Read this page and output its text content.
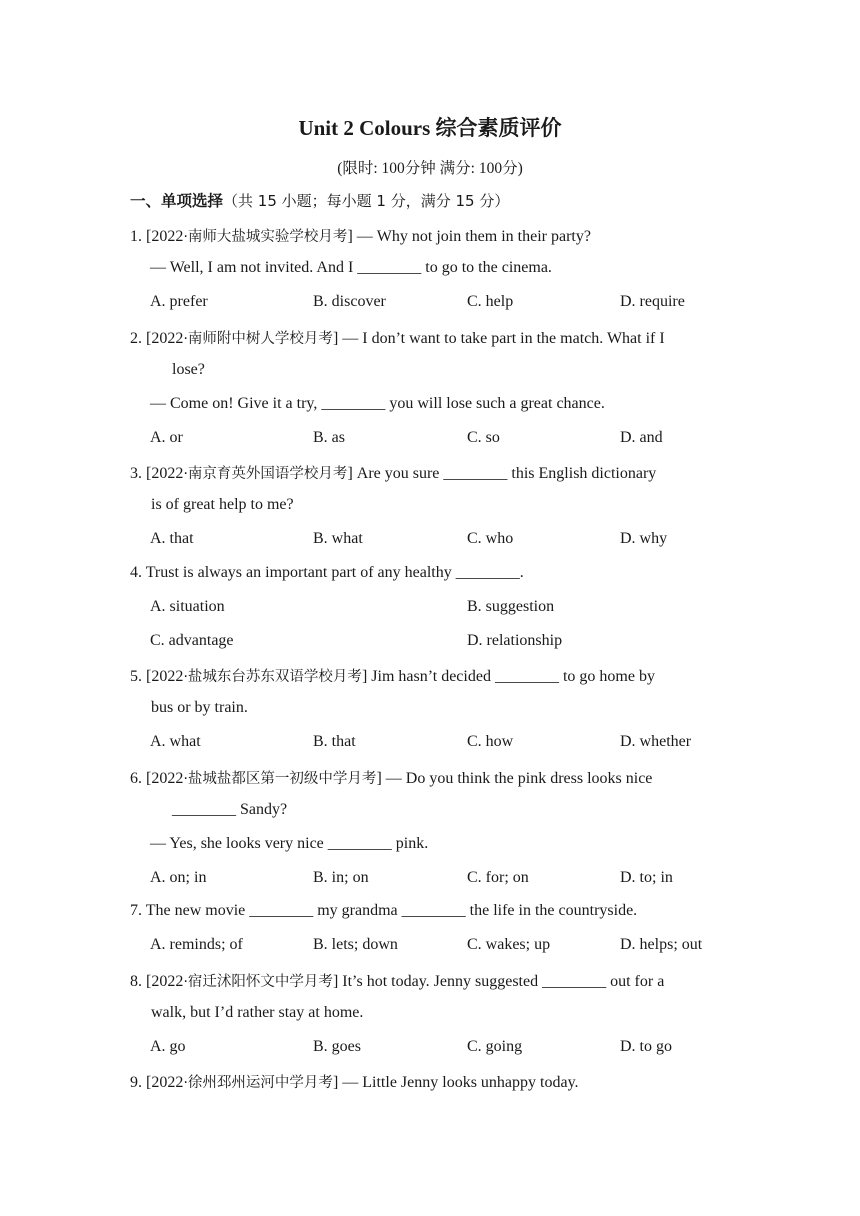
Unit 2 Colours 综合素质评价
(限时: 100分钟 满分: 100分)
一、单项选择（共 15 小题；每小题 1 分，满分 15 分）
1. [2022·南师大盐城实验学校月考] — Why not join them in their party?
— Well, I am not invited. And I ________ to go to the cinema.
A. prefer	B. discover	C. help	D. require
2. [2022·南师附中树人学校月考] — I don’t want to take part in the match. What if I
lose?
— Come on! Give it a try, ________ you will lose such a great chance.
A. or	B. as	C. so	D. and
3. [2022·南京育英外国语学校月考] Are you sure ________ this English dictionary
is of great help to me?
A. that	B. what	C. who	D. why
4. Trust is always an important part of any healthy ________.
A. situation	B. suggestion
C. advantage	D. relationship
5. [2022·盐城东台苏东双语学校月考] Jim hasn’t decided ________ to go home by
bus or by train.
A. what	B. that	C. how	D. whether
6. [2022·盐城盐都区第一初级中学月考] — Do you think the pink dress looks nice
________ Sandy?
— Yes, she looks very nice ________ pink.
A. on; in	B. in; on	C. for; on	D. to; in
7. The new movie ________ my grandma ________ the life in the countryside.
A. reminds; of	B. lets; down	C. wakes; up	D. helps; out
8. [2022·宿迁沭阳怀文中学月考] It’s hot today. Jenny suggested ________ out for a
walk, but I’d rather stay at home.
A. go	B. goes	C. going	D. to go
9. [2022·徐州邳州运河中学月考] — Little Jenny looks unhappy today.
